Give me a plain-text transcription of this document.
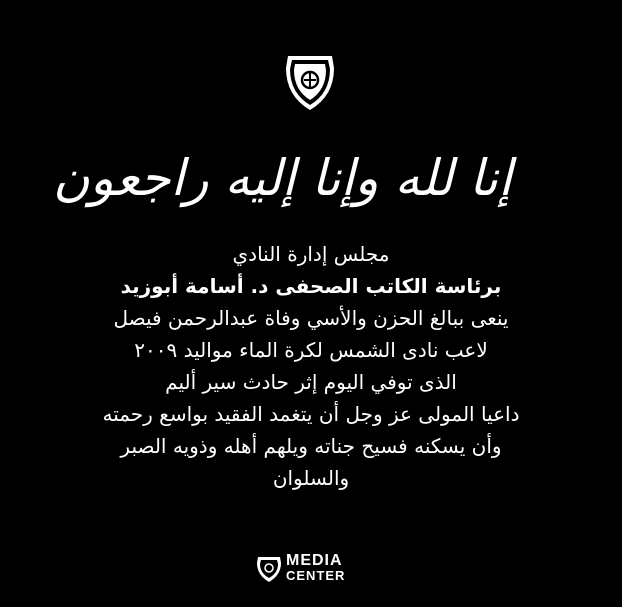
نادى الشمس الرياضى
إنا لله وإنا إليه راجعون
مجلس إدارة النادي
برئاسة الكاتب الصحفى د. أسامة أبوزيد
ينعى ببالغ الحزن والأسي وفاة عبدالرحمن فيصل
لاعب نادى الشمس لكرة الماء مواليد ٢٠٠٩
الذى توفي اليوم إثر حادث سير أليم
داعيا المولى عز وجل أن يتغمد الفقيد بواسع رحمته
وأن يسكنه فسيح جناته ويلهم أهله وذويه الصبر
والسلوان
MEDIA
CENTER
